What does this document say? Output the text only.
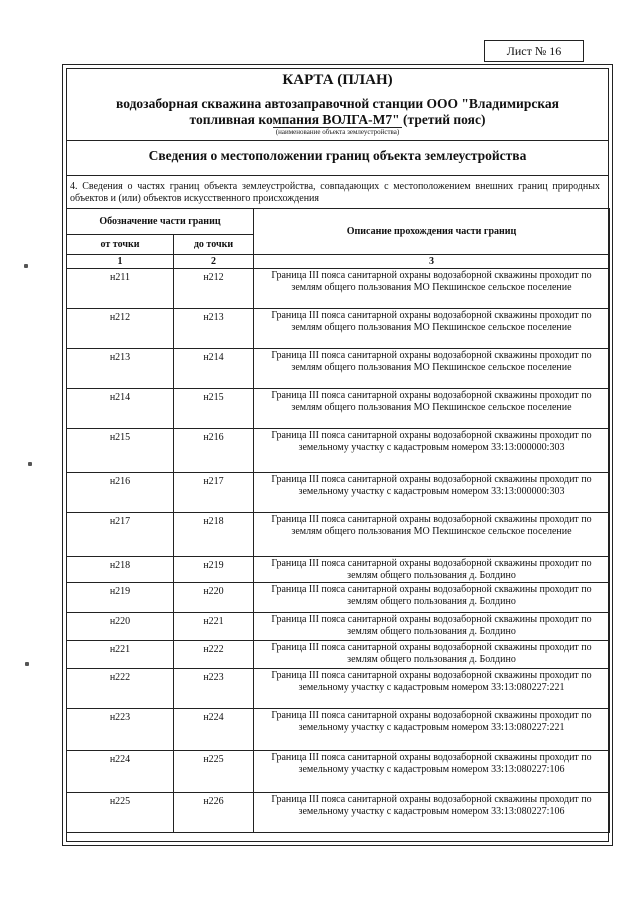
Лист № 16
КАРТА (ПЛАН)
водозаборная скважина автозаправочной станции ООО "Владимирская
топливная компания ВОЛГА-М7" (третий пояс)
(наименование объекта землеустройства)
Сведения о местоположении границ объекта землеустройства
4. Сведения о частях границ объекта землеустройства, совпадающих с местоположением внешних границ природных объектов и (или) объектов искусственного происхождения
Обозначение части границ		Описание прохождения части границ
от точки	до точки	
1	2	3
н211	н212	Граница III пояса санитарной охраны водозаборной скважины проходит по землям общего пользования МО Пекшинское сельское поселение
н212	н213	Граница III пояса санитарной охраны водозаборной скважины проходит по землям общего пользования МО Пекшинское сельское поселение
н213	н214	Граница III пояса санитарной охраны водозаборной скважины проходит по землям общего пользования МО Пекшинское сельское поселение
н214	н215	Граница III пояса санитарной охраны водозаборной скважины проходит по землям общего пользования МО Пекшинское сельское поселение
н215	н216	Граница III пояса санитарной охраны водозаборной скважины проходит по земельному участку с кадастровым номером 33:13:000000:303
н216	н217	Граница III пояса санитарной охраны водозаборной скважины проходит по земельному участку с кадастровым номером 33:13:000000:303
н217	н218	Граница III пояса санитарной охраны водозаборной скважины проходит по землям общего пользования МО Пекшинское сельское поселение
н218	н219	Граница III пояса санитарной охраны водозаборной скважины проходит по землям общего пользования д. Болдино
н219	н220	Граница III пояса санитарной охраны водозаборной скважины проходит по землям общего пользования д. Болдино
н220	н221	Граница III пояса санитарной охраны водозаборной скважины проходит по землям общего пользования д. Болдино
н221	н222	Граница III пояса санитарной охраны водозаборной скважины проходит по землям общего пользования д. Болдино
н222	н223	Граница III пояса санитарной охраны водозаборной скважины проходит по земельному участку с кадастровым номером 33:13:080227:221
н223	н224	Граница III пояса санитарной охраны водозаборной скважины проходит по земельному участку с кадастровым номером 33:13:080227:221
н224	н225	Граница III пояса санитарной охраны водозаборной скважины проходит по земельному участку с кадастровым номером 33:13:080227:106
н225	н226	Граница III пояса санитарной охраны водозаборной скважины проходит по земельному участку с кадастровым номером 33:13:080227:106
